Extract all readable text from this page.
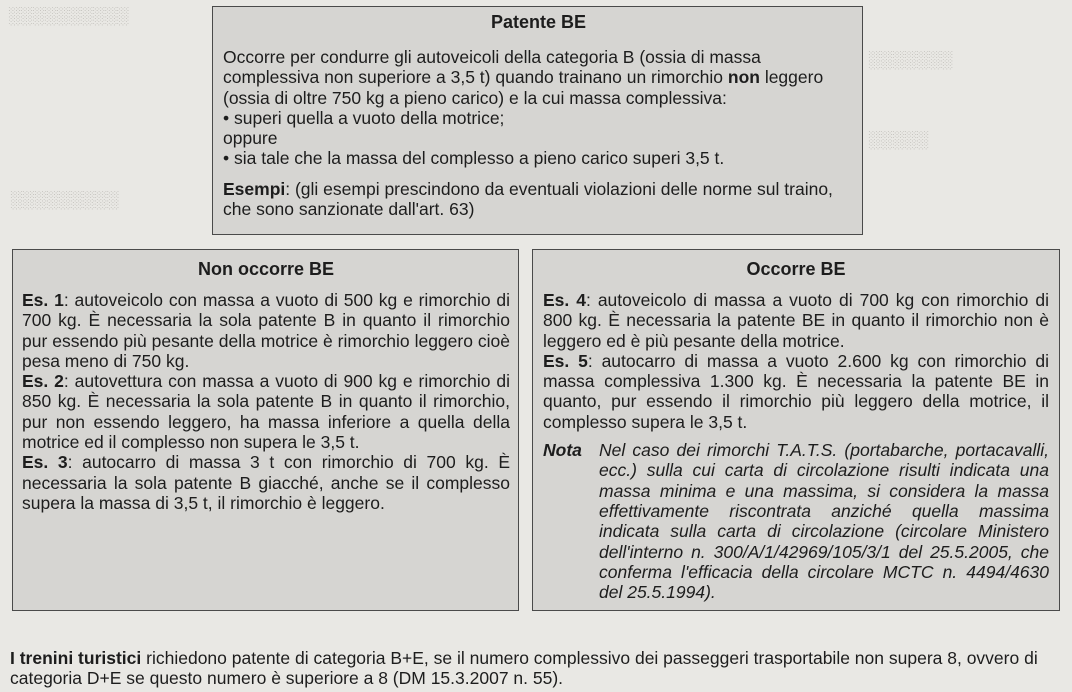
░░░░░░░░░░
░░░░░░░
░░░░░
░░░░░░░░░
Patente BE

Occorre per condurre gli autoveicoli della categoria B (ossia di massa complessiva non superiore a 3,5 t) quando trainano un rimorchio non leggero (ossia di oltre 750 kg a pieno carico) e la cui massa complessiva:

• superi quella a vuoto della motrice;

oppure

• sia tale che la massa del complesso a pieno carico superi 3,5 t.

Esempi: (gli esempi prescindono da eventuali violazioni delle norme sul traino, che sono sanzionate dall'art. 63)

Non occorre BE

Es. 1: autoveicolo con massa a vuoto di 500 kg e rimorchio di 700 kg. È necessaria la sola patente B in quanto il rimorchio pur essendo più pesante della motrice è rimorchio leggero cioè pesa meno di 750 kg.

Es. 2: autovettura con massa a vuoto di 900 kg e rimorchio di 850 kg. È necessaria la sola patente B in quanto il rimorchio, pur non essendo leggero, ha massa inferiore a quella della motrice ed il complesso non supera le 3,5 t.

Es. 3: autocarro di massa 3 t con rimorchio di 700 kg. È necessaria la sola patente B giacché, anche se il complesso supera la massa di 3,5 t, il rimorchio è leggero.

Occorre BE

Es. 4: autoveicolo di massa a vuoto di 700 kg con rimorchio di 800 kg. È necessaria la patente BE in quanto il rimorchio non è leggero ed è più pesante della motrice.

Es. 5: autocarro di massa a vuoto 2.600 kg con rimorchio di massa complessiva 1.300 kg. È necessaria la patente BE in quanto, pur essendo il rimorchio più leggero della motrice, il complesso supera le 3,5 t.

Nota Nel caso dei rimorchi T.A.T.S. (portabarche, portacavalli, ecc.) sulla cui carta di circolazione risulti indicata una massa minima e una massima, si considera la massa effettivamente riscontrata anziché quella massima indicata sulla carta di circolazione (circolare Ministero dell'interno n. 300/A/1/42969/105/3/1 del 25.5.2005, che conferma l'efficacia della circolare MCTC n. 4494/4630 del 25.5.1994).

I trenini turistici richiedono patente di categoria B+E, se il numero complessivo dei passeggeri trasportabile non supera 8, ovvero di categoria D+E se questo numero è superiore a 8 (DM 15.3.2007 n. 55).
